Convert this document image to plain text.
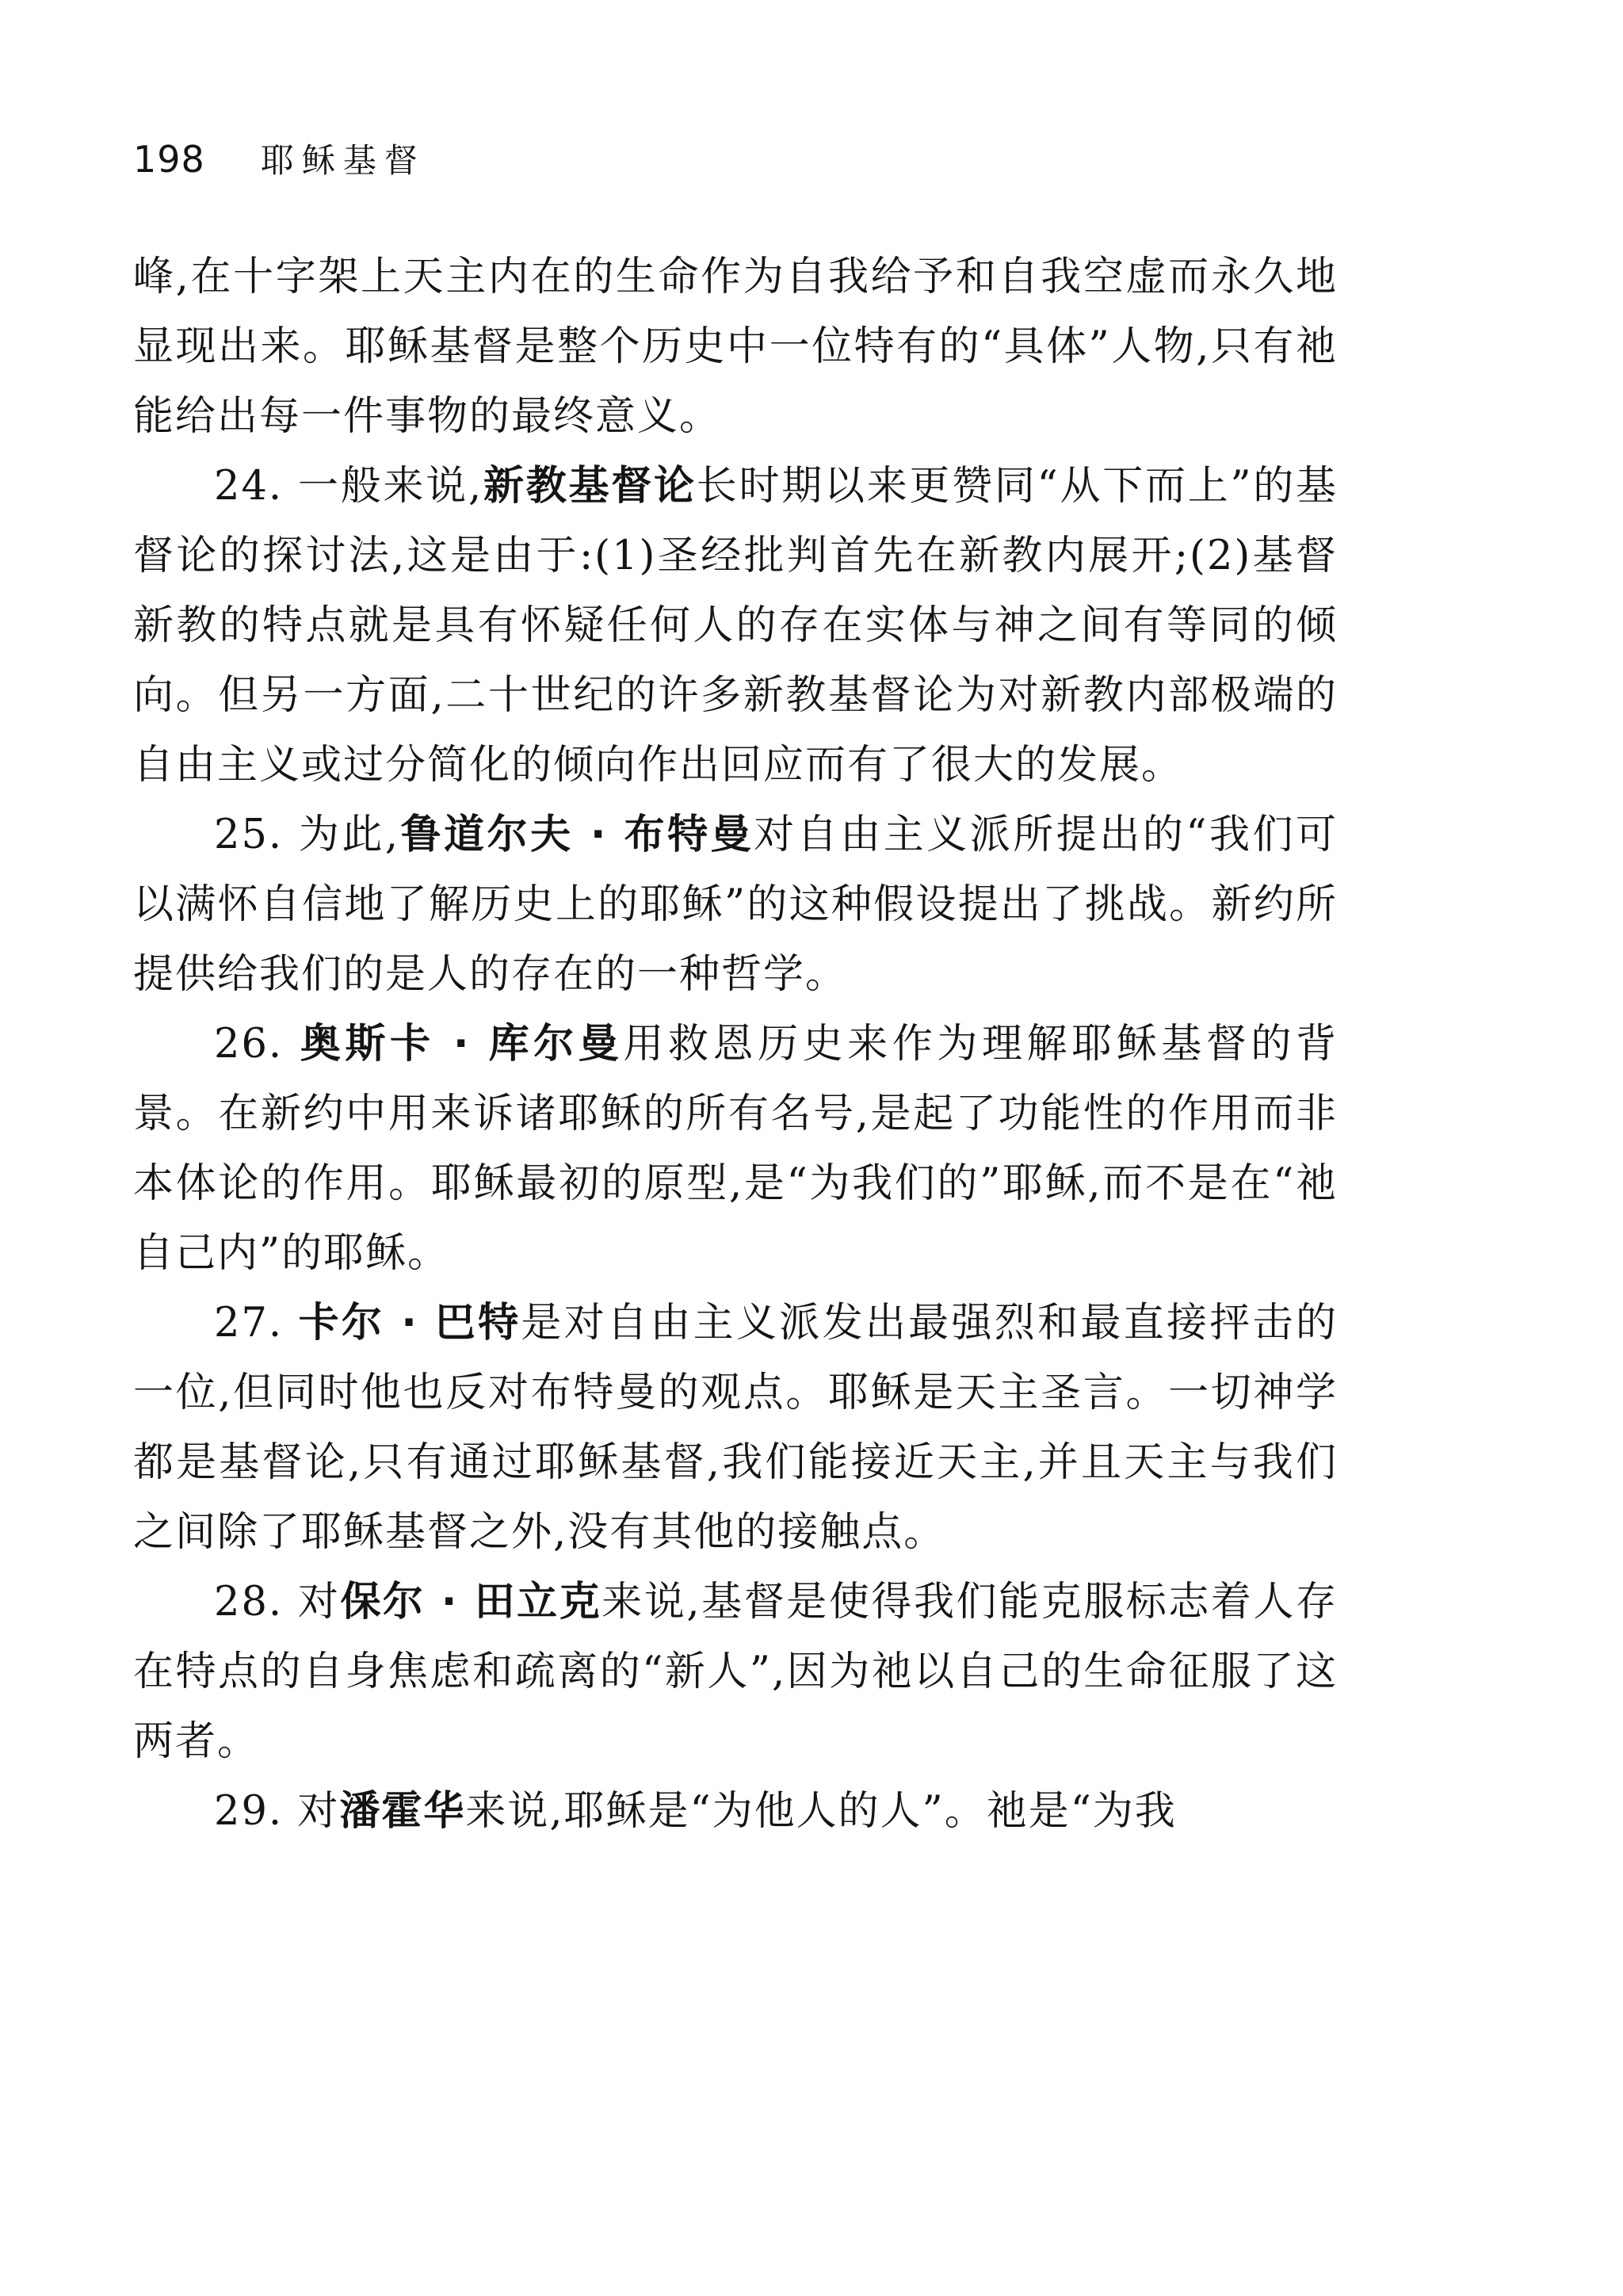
198 耶稣基督

峰,在十字架上天主内在的生命作为自我给予和自我空虚而永久地显现出来。耶稣基督是整个历史中一位特有的“具体”人物,只有祂能给出每一件事物的最终意义。

24. 一般来说,新教基督论长时期以来更赞同“从下而上”的基督论的探讨法,这是由于:(1)圣经批判首先在新教内展开;(2)基督新教的特点就是具有怀疑任何人的存在实体与神之间有等同的倾向。但另一方面,二十世纪的许多新教基督论为对新教内部极端的自由主义或过分简化的倾向作出回应而有了很大的发展。

25. 为此,鲁道尔夫 · 布特曼对自由主义派所提出的“我们可以满怀自信地了解历史上的耶稣”的这种假设提出了挑战。新约所提供给我们的是人的存在的一种哲学。

26. 奥斯卡 · 库尔曼用救恩历史来作为理解耶稣基督的背景。在新约中用来诉诸耶稣的所有名号,是起了功能性的作用而非本体论的作用。耶稣最初的原型,是“为我们的”耶稣,而不是在“祂自己内”的耶稣。

27. 卡尔 · 巴特是对自由主义派发出最强烈和最直接抨击的一位,但同时他也反对布特曼的观点。耶稣是天主圣言。一切神学都是基督论,只有通过耶稣基督,我们能接近天主,并且天主与我们之间除了耶稣基督之外,没有其他的接触点。

28. 对保尔 · 田立克来说,基督是使得我们能克服标志着人存在特点的自身焦虑和疏离的“新人”,因为祂以自己的生命征服了这两者。

29. 对潘霍华来说,耶稣是“为他人的人”。祂是“为我
